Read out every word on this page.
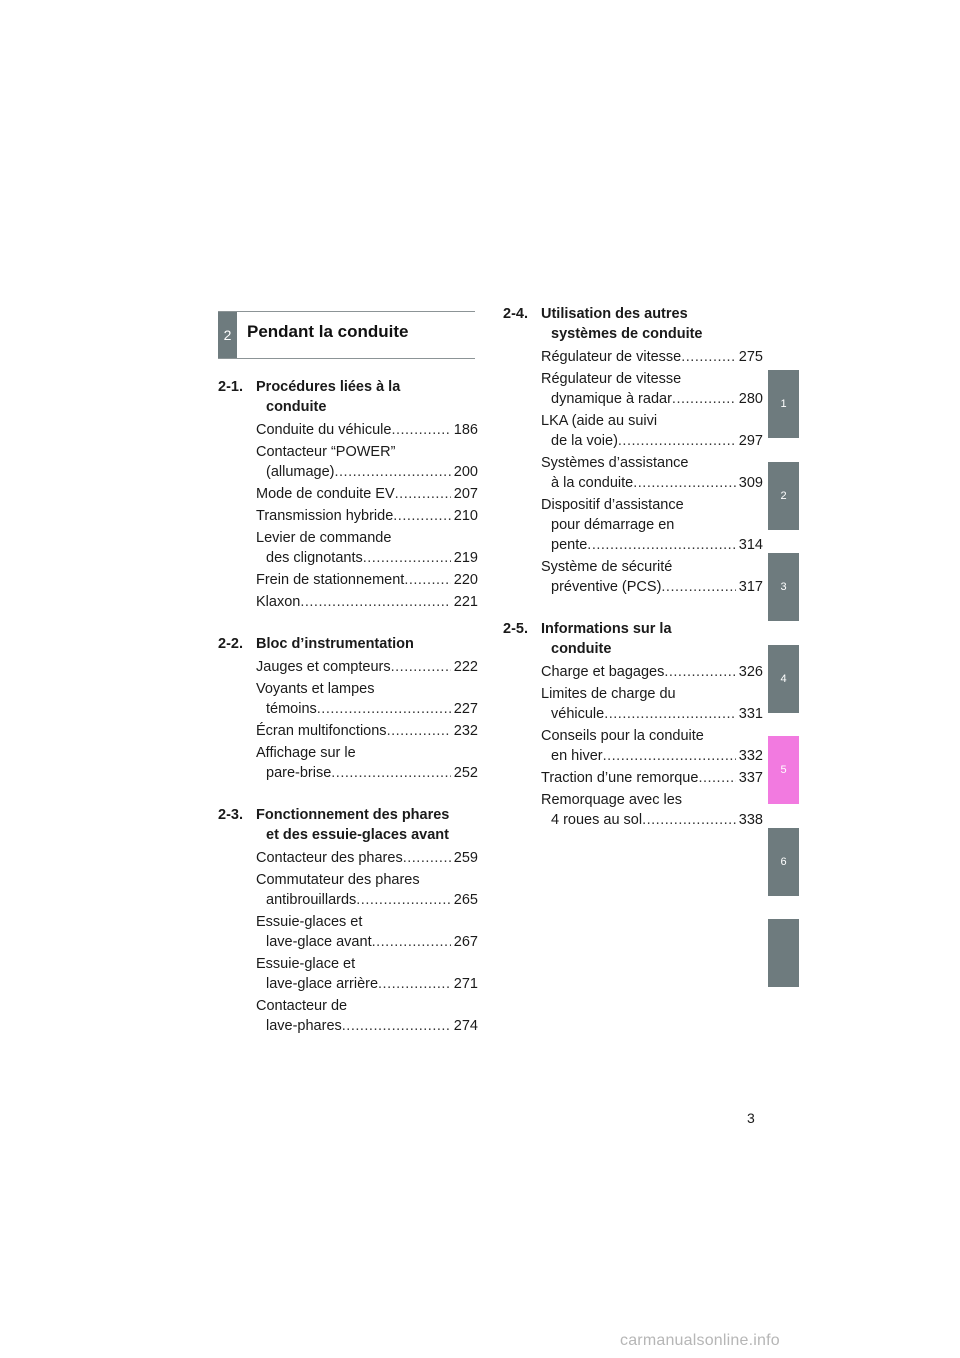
2 Pendant la conduite
2-1. Procédures liées à la
conduite
Conduite du véhicule .....	186
Contacteur “POWER”
(allumage) .....	200
Mode de conduite EV .....	207
Transmission hybride .....	210
Levier de commande
des clignotants .....	219
Frein de stationnement .....	220
Klaxon .....	221
2-2. Bloc d’instrumentation
Jauges et compteurs .....	222
Voyants et lampes
témoins .....	227
Écran multifonctions .....	232
Affichage sur le
pare-brise .....	252
2-3. Fonctionnement des phares
et des essuie-glaces avant
Contacteur des phares .....	259
Commutateur des phares
antibrouillards .....	265
Essuie-glaces et
lave-glace avant .....	267
Essuie-glace et
lave-glace arrière .....	271
Contacteur de
lave-phares .....	274
2-4. Utilisation des autres
systèmes de conduite
Régulateur de vitesse .....	275
Régulateur de vitesse
dynamique à radar .....	280
LKA (aide au suivi
de la voie) .....	297
Systèmes d’assistance
à la conduite .....	309
Dispositif d’assistance
pour démarrage en
pente .....	314
Système de sécurité
préventive (PCS) .....	317
2-5. Informations sur la
conduite
Charge et bagages .....	326
Limites de charge du
véhicule .....	331
Conseils pour la conduite
en hiver .....	332
Traction d’une remorque .....	337
Remorquage avec les
4 roues au sol .....	338
1
2
3
4
5
6
3
carmanualsonline.info
